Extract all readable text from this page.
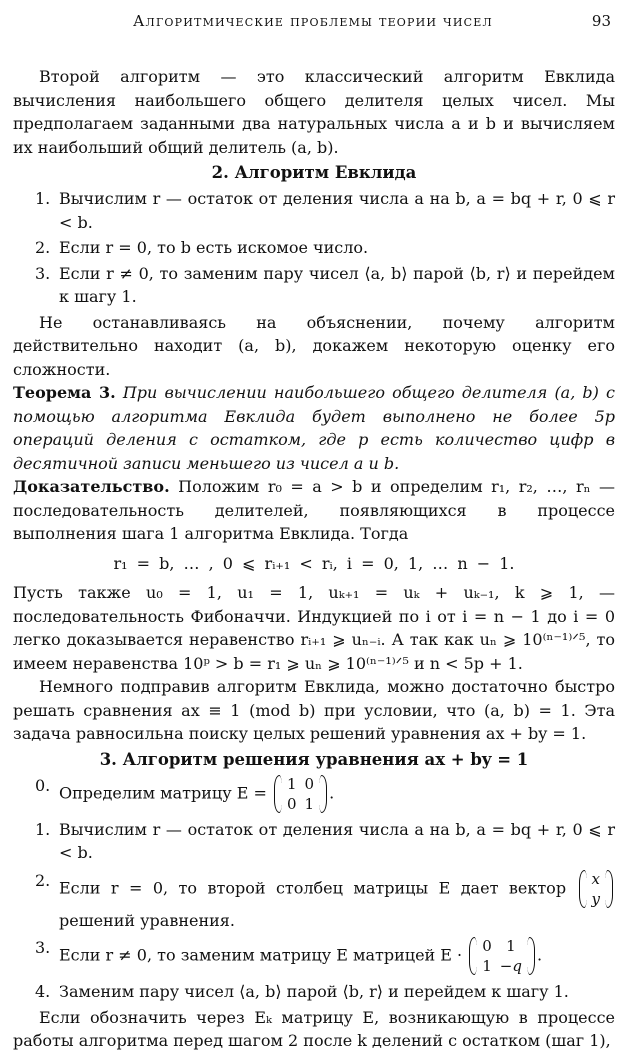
Алгоритмические проблемы теории чисел	93

Второй алгоритм — это классический алгоритм Евклида вычисления наибольшего общего делителя целых чисел. Мы предполагаем заданными два натуральных числа a и b и вычисляем их наибольший общий делитель (a, b).

2. Алгоритм Евклида
1. Вычислим r — остаток от деления числа a на b, a = bq + r, 0 ⩽ r < b.
2. Если r = 0, то b есть искомое число.
3. Если r ≠ 0, то заменим пару чисел ⟨a, b⟩ парой ⟨b, r⟩ и перейдем к шагу 1.

Не останавливаясь на объяснении, почему алгоритм действительно находит (a, b), докажем некоторую оценку его сложности.

Теорема 3. При вычислении наибольшего общего делителя (a, b) с помощью алгоритма Евклида будет выполнено не более 5p операций деления с остатком, где p есть количество цифр в десятичной записи меньшего из чисел a и b.

Доказательство. Положим r₀ = a > b и определим r₁, r₂, …, rₙ — последовательность делителей, появляющихся в процессе выполнения шага 1 алгоритма Евклида. Тогда

r₁ = b, … , 0 ⩽ rᵢ₊₁ < rᵢ, i = 0, 1, … n − 1.

Пусть также u₀ = 1, u₁ = 1, uₖ₊₁ = uₖ + uₖ₋₁, k ⩾ 1, — последовательность Фибоначчи. Индукцией по i от i = n − 1 до i = 0 легко доказывается неравенство rᵢ₊₁ ⩾ uₙ₋ᵢ. А так как uₙ ⩾ 10⁽ⁿ⁻¹⁾ᐟ⁵, то имеем неравенства 10ᵖ > b = r₁ ⩾ uₙ ⩾ 10⁽ⁿ⁻¹⁾ᐟ⁵ и n < 5p + 1.

Немного подправив алгоритм Евклида, можно достаточно быстро решать сравнения ax ≡ 1 (mod b) при условии, что (a, b) = 1. Эта задача равносильна поиску целых решений уравнения ax + by = 1.

3. Алгоритм решения уравнения ax + by = 1
0. Определим матрицу E = 1	0
0	1
.
1. Вычислим r — остаток от деления числа a на b, a = bq + r, 0 ⩽ r < b.
2. Если r = 0, то второй столбец матрицы E дает вектор x
y
решений уравнения.
3. Если r ≠ 0, то заменим матрицу E матрицей E · 0	1
1	−q
.
4. Заменим пару чисел ⟨a, b⟩ парой ⟨b, r⟩ и перейдем к шагу 1.

Если обозначить через Eₖ матрицу E, возникающую в процессе работы алгоритма перед шагом 2 после k делений с остатком (шаг 1),
